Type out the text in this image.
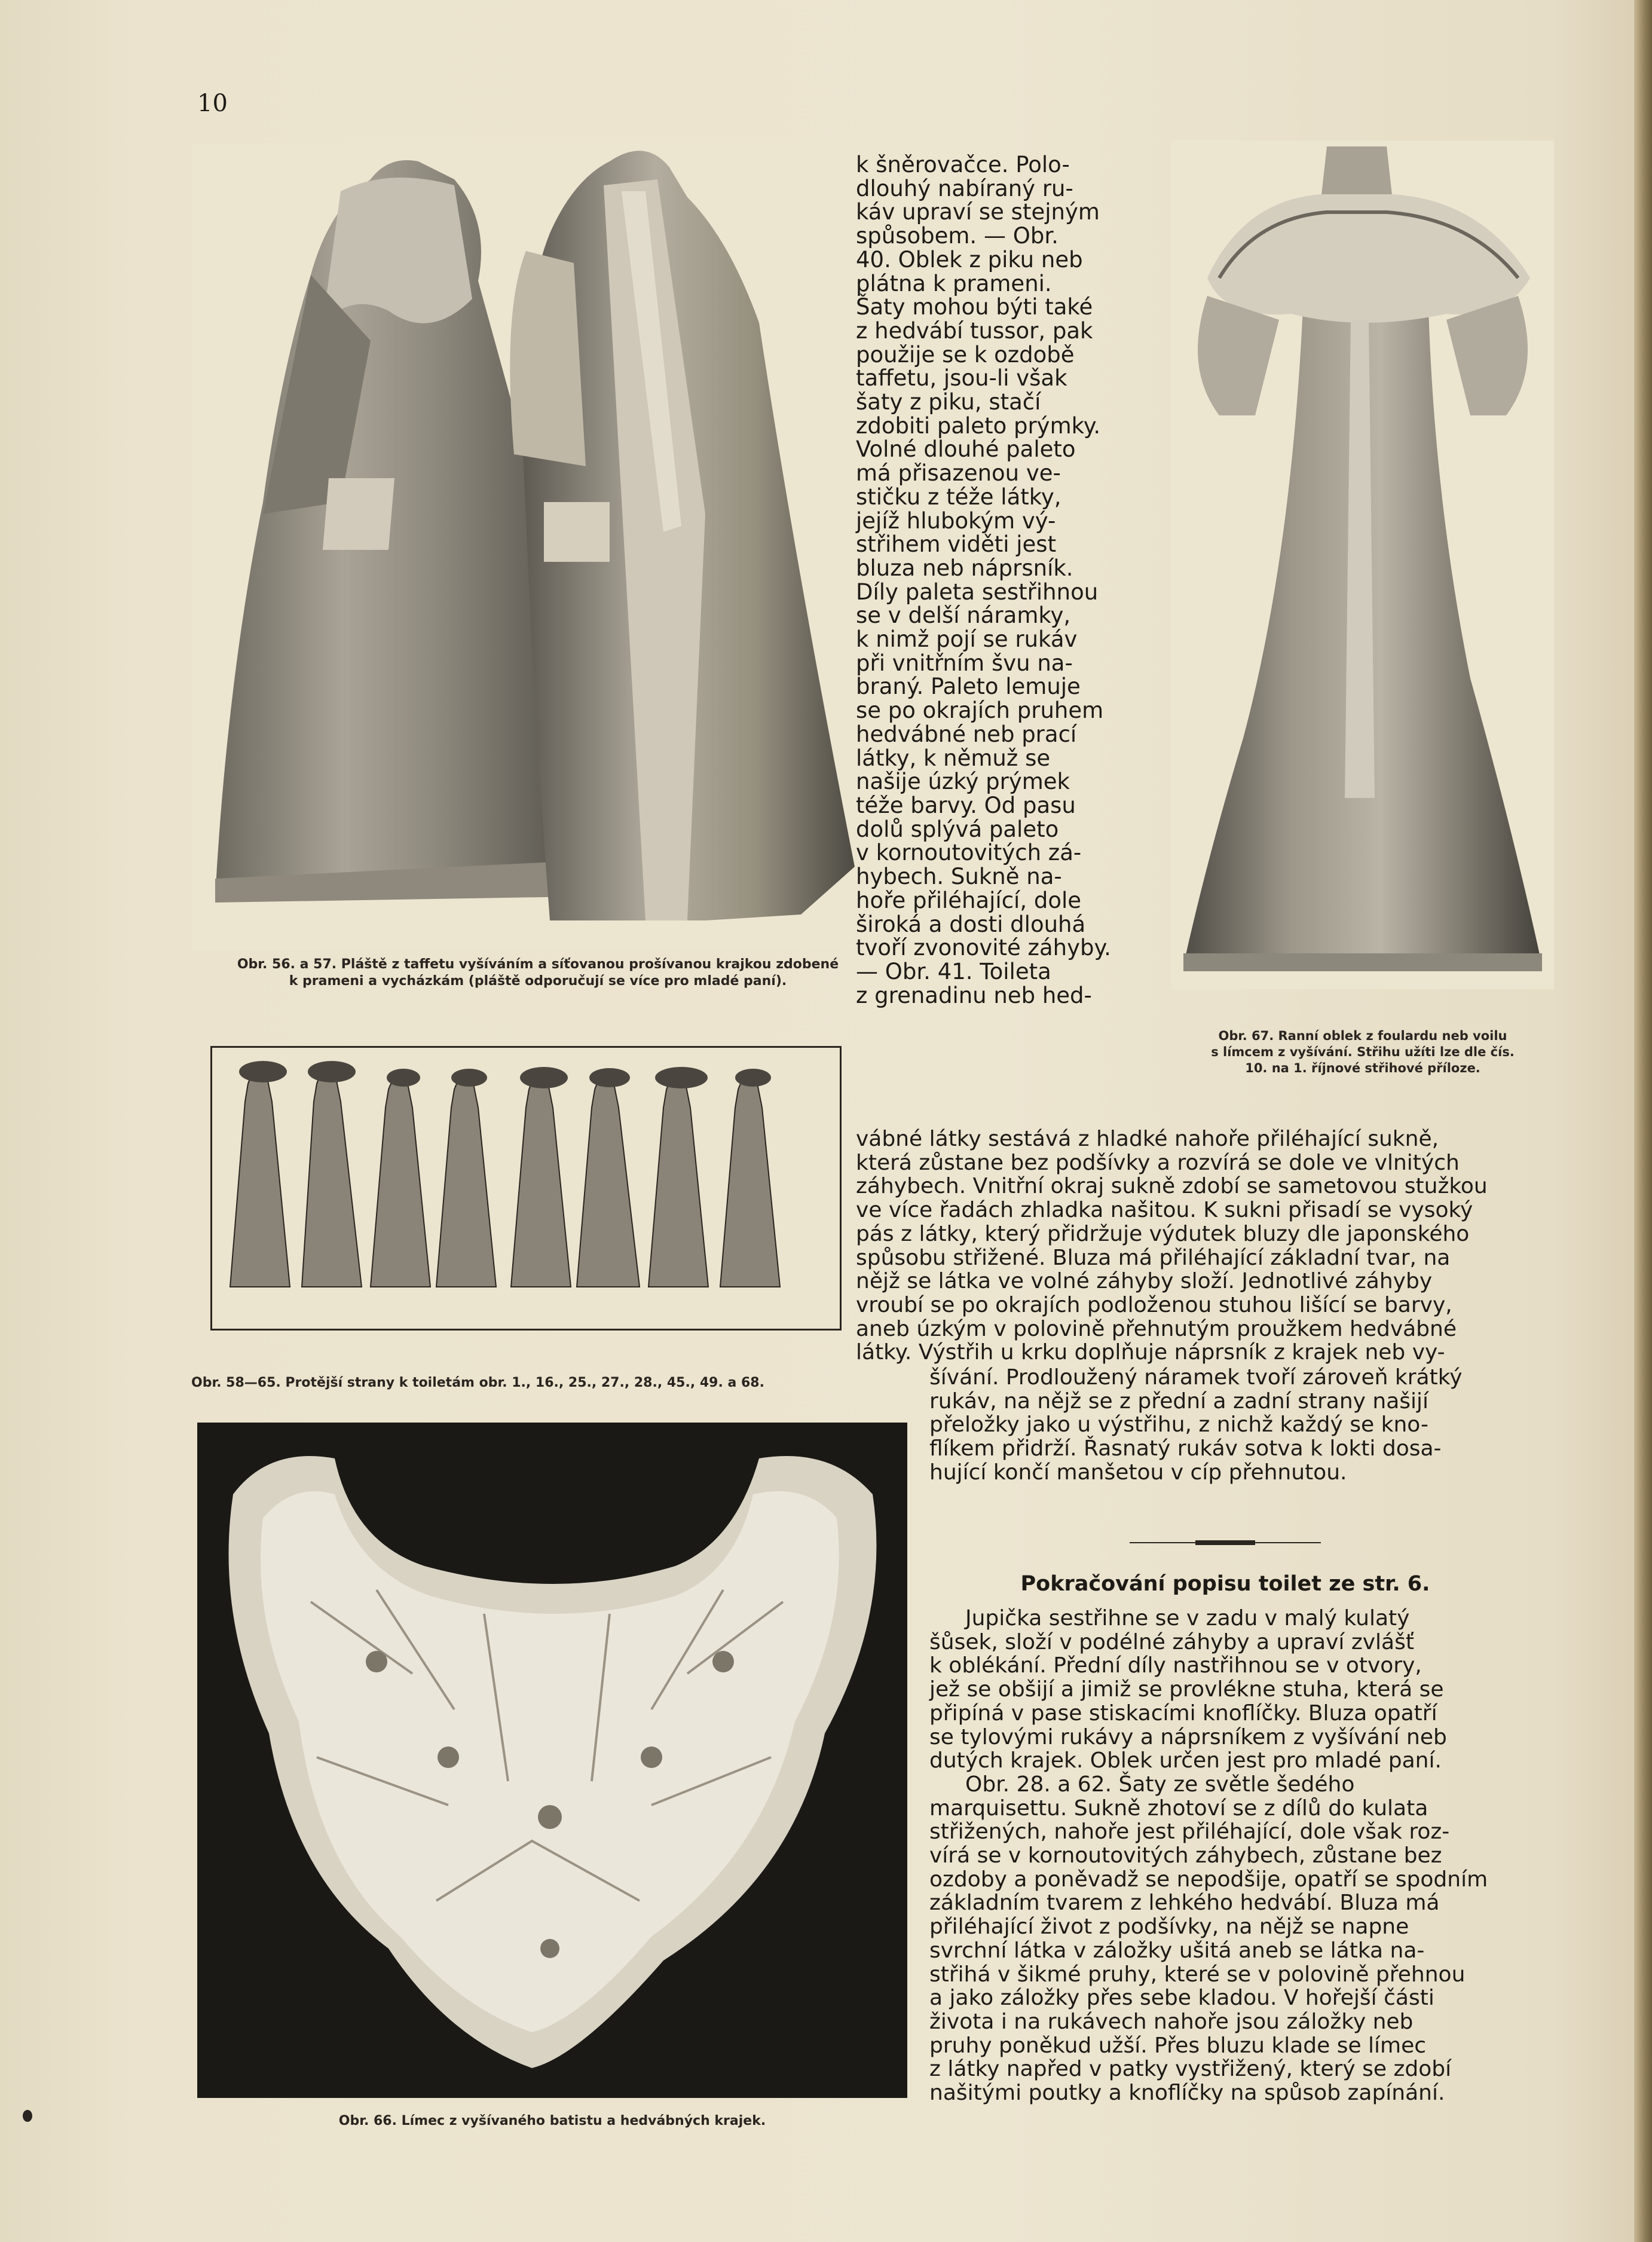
10
Obr. 56. a 57. Pláště z taffetu vyšíváním a síťovanou prošívanou krajkou zdobené
k prameni a vycházkám (pláště odporučují se více pro mladé paní).
Obr. 58—65. Protější strany k toiletám obr. 1., 16., 25., 27., 28., 45., 49. a 68.
Obr. 66. Límec z vyšívaného batistu a hedvábných krajek.
Obr. 67. Ranní oblek z foulardu neb voilu
s límcem z vyšívání. Střihu užíti lze dle čís.
10. na 1. říjnové střihové příloze.
k šněrovačce. Polo-
dlouhý nabíraný ru-
káv upraví se stejným
spůsobem. — Obr.
40. Oblek z piku neb
plátna k prameni.
Šaty mohou býti také
z hedvábí tussor, pak
použije se k ozdobě
taffetu, jsou-li však
šaty z piku, stačí
zdobiti paleto prýmky.
Volné dlouhé paleto
má přisazenou ve-
stičku z téže látky,
jejíž hlubokým vý-
střihem viděti jest
bluza neb náprsník.
Díly paleta sestřihnou
se v delší náramky,
k nimž pojí se rukáv
při vnitřním švu na-
braný. Paleto lemuje
se po okrajích pruhem
hedvábné neb prací
látky, k němuž se
našije úzký prýmek
téže barvy. Od pasu
dolů splývá paleto
v kornoutovitých zá-
hybech. Sukně na-
hoře přiléhající, dole
široká a dosti dlouhá
tvoří zvonovité záhyby.
— Obr. 41. Toileta
z grenadinu neb hed-
vábné látky sestává z hladké nahoře přiléhající sukně,
která zůstane bez podšívky a rozvírá se dole ve vlnitých
záhybech. Vnitřní okraj sukně zdobí se sametovou stužkou
ve více řadách zhladka našitou. K sukni přisadí se vysoký
pás z látky, který přidržuje výdutek bluzy dle japonského
spůsobu střižené. Bluza má přiléhající základní tvar, na
nějž se látka ve volné záhyby složí. Jednotlivé záhyby
vroubí se po okrajích podloženou stuhou lišící se barvy,
aneb úzkým v polovině přehnutým proužkem hedvábné
látky. Výstřih u krku doplňuje náprsník z krajek neb vy-
šívání. Prodloužený náramek tvoří zároveň krátký
rukáv, na nějž se z přední a zadní strany našijí
přeložky jako u výstřihu, z nichž každý se kno-
flíkem přidrží. Řasnatý rukáv sotva k lokti dosa-
hující končí manšetou v cíp přehnutou.
Pokračování popisu toilet ze str. 6.
Jupička sestřihne se v zadu v malý kulatý
šůsek, složí v podélné záhyby a upraví zvlášť
k oblékání. Přední díly nastřihnou se v otvory,
jež se obšijí a jimiž se provlékne stuha, která se
připíná v pase stiskacími knoflíčky. Bluza opatří
se tylovými rukávy a náprsníkem z vyšívání neb
dutých krajek. Oblek určen jest pro mladé paní.
Obr. 28. a 62. Šaty ze světle šedého
marquisettu. Sukně zhotoví se z dílů do kulata
střižených, nahoře jest přiléhající, dole však roz-
vírá se v kornoutovitých záhybech, zůstane bez
ozdoby a poněvadž se nepodšije, opatří se spodním
základním tvarem z lehkého hedvábí. Bluza má
přiléhající život z podšívky, na nějž se napne
svrchní látka v záložky ušitá aneb se látka na-
střihá v šikmé pruhy, které se v polovině přehnou
a jako záložky přes sebe kladou. V hořejší části
života i na rukávech nahoře jsou záložky neb
pruhy poněkud užší. Přes bluzu klade se límec
z látky napřed v patky vystřižený, který se zdobí
našitými poutky a knoflíčky na spůsob zapínání.
